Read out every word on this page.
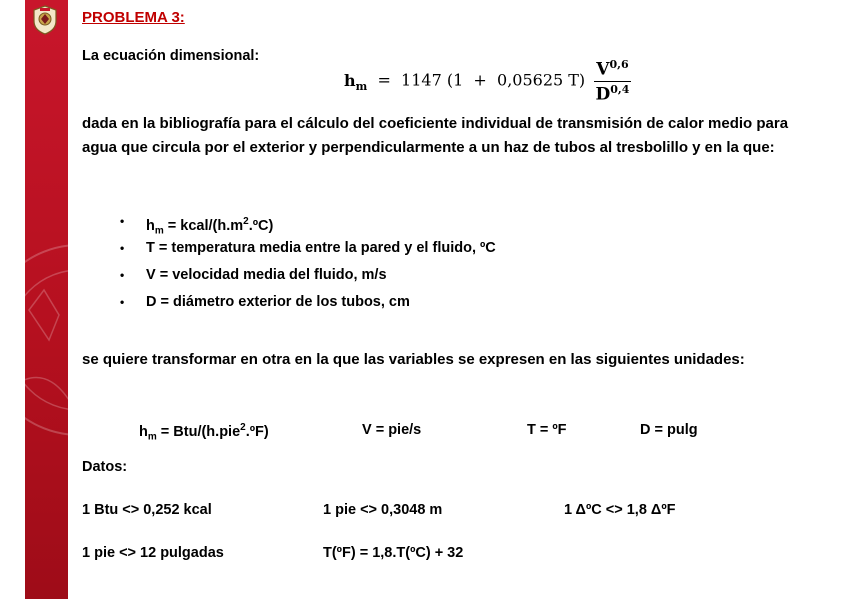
PROBLEMA 3:
La ecuación dimensional:
$h_m = 1147$ (1  +  0,05625 $T) \frac{V^{0,6}}{D^{0,4}}$
dada en la bibliografía para el cálculo del coeficiente individual de transmisión de calor medio para agua que circula por el exterior y perpendicularmente a un haz de tubos al tresbolillo y en la que:
• $h_m$ = kcal/$(h.m^2.ºC)$
• T = temperatura media entre la pared y el fluido, ºC
• V = velocidad media del fluido, m/s
• D = diámetro exterior de los tubos, cm
se quiere transformar en otra en la que las variables se expresen en las siguientes unidades:
$h_m$ = Btu/(h.pie$^2$.ºF)	V = pie/s	T = ºF	D = pulg
Datos:
1 Btu <> 0,252 kcal	1 pie <> 0,3048 m	1 ΔºC <> 1,8 ΔºF
1 pie <> 12 pulgadas	T(ºF) = 1,8.T(ºC) + 32
